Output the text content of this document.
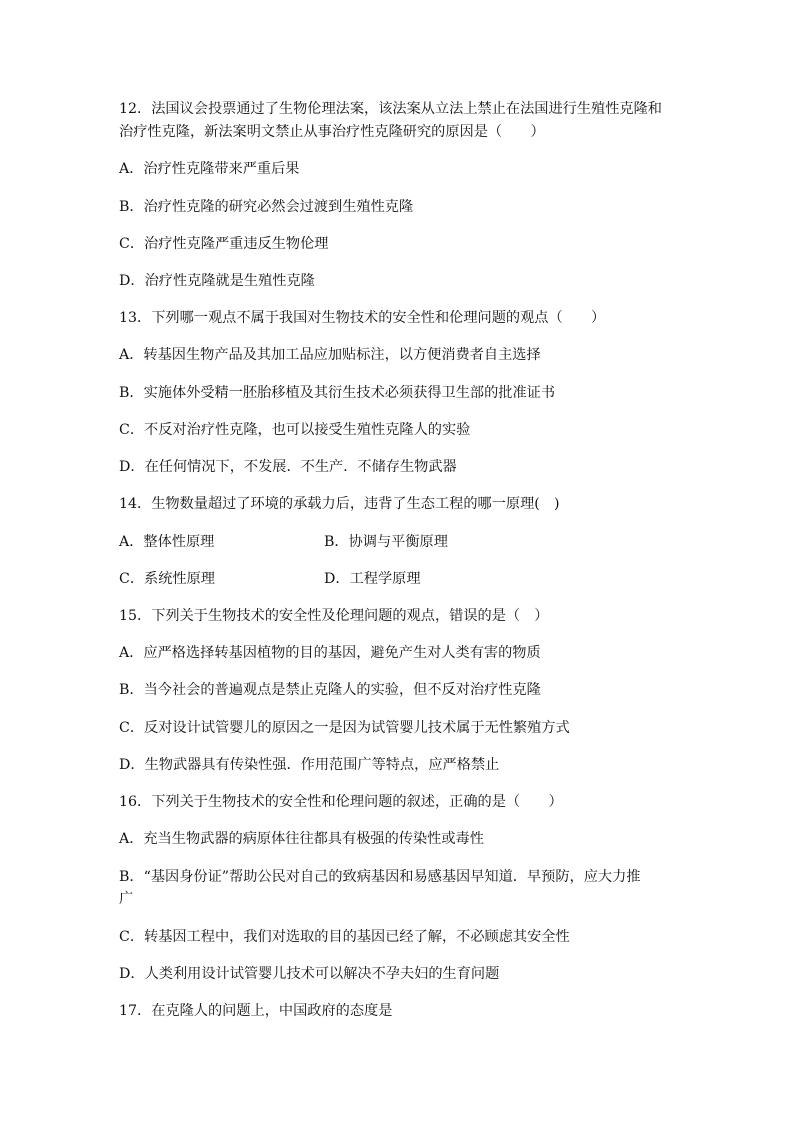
12．法国议会投票通过了生物伦理法案，该法案从立法上禁止在法国进行生殖性克隆和
治疗性克隆，新法案明文禁止从事治疗性克隆研究的原因是（　　）
A．治疗性克隆带来严重后果
B．治疗性克隆的研究必然会过渡到生殖性克隆
C．治疗性克隆严重违反生物伦理
D．治疗性克隆就是生殖性克隆
13．下列哪一观点不属于我国对生物技术的安全性和伦理问题的观点（　　）
A．转基因生物产品及其加工品应加贴标注，以方便消费者自主选择
B．实施体外受精一胚胎移植及其衍生技术必须获得卫生部的批准证书
C．不反对治疗性克隆，也可以接受生殖性克隆人的实验
D．在任何情况下，不发展．不生产．不储存生物武器
14．生物数量超过了环境的承载力后，违背了生态工程的哪一原理(　)
A．整体性原理	B．协调与平衡原理
C．系统性原理	D．工程学原理
15．下列关于生物技术的安全性及伦理问题的观点，错误的是（　）
A．应严格选择转基因植物的目的基因，避免产生对人类有害的物质
B．当今社会的普遍观点是禁止克隆人的实验，但不反对治疗性克隆
C．反对设计试管婴儿的原因之一是因为试管婴儿技术属于无性繁殖方式
D．生物武器具有传染性强．作用范围广等特点，应严格禁止
16．下列关于生物技术的安全性和伦理问题的叙述，正确的是（　　）
A．充当生物武器的病原体往往都具有极强的传染性或毒性
B．“基因身份证”帮助公民对自己的致病基因和易感基因早知道．早预防，应大力推
广
C．转基因工程中，我们对选取的目的基因已经了解，不必顾虑其安全性
D．人类利用设计试管婴儿技术可以解决不孕夫妇的生育问题
17．在克隆人的问题上，中国政府的态度是
